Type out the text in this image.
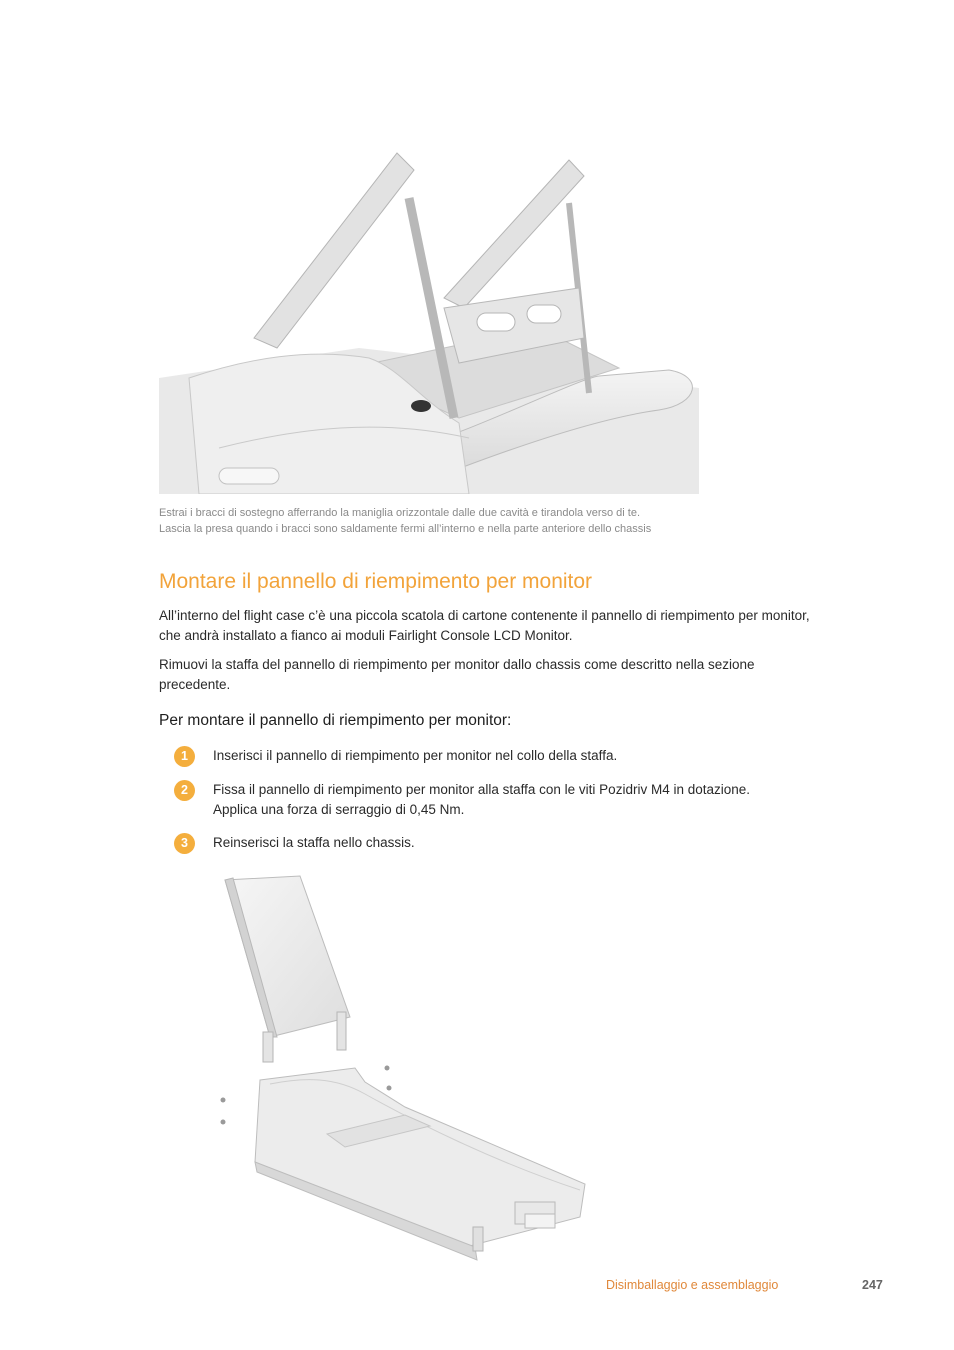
Estrai i bracci di sostegno afferrando la maniglia orizzontale dalle due cavità e tirandola verso di te.
Lascia la presa quando i bracci sono saldamente fermi all’interno e nella parte anteriore dello chassis
Montare il pannello di riempimento per monitor

All’interno del flight case c’è una piccola scatola di cartone contenente il pannello di riempimento per monitor, che andrà installato a fianco ai moduli Fairlight Console LCD Monitor.

Rimuovi la staffa del pannello di riempimento per monitor dallo chassis come descritto nella sezione precedente.

Per montare il pannello di riempimento per monitor:
1	Inserisci il pannello di riempimento per monitor nel collo della staffa.
2	Fissa il pannello di riempimento per monitor alla staffa con le viti Pozidriv M4 in dotazione. Applica una forza di serraggio di 0,45 Nm.
3	Reinserisci la staffa nello chassis.
Disimballaggio e assemblaggio	247
